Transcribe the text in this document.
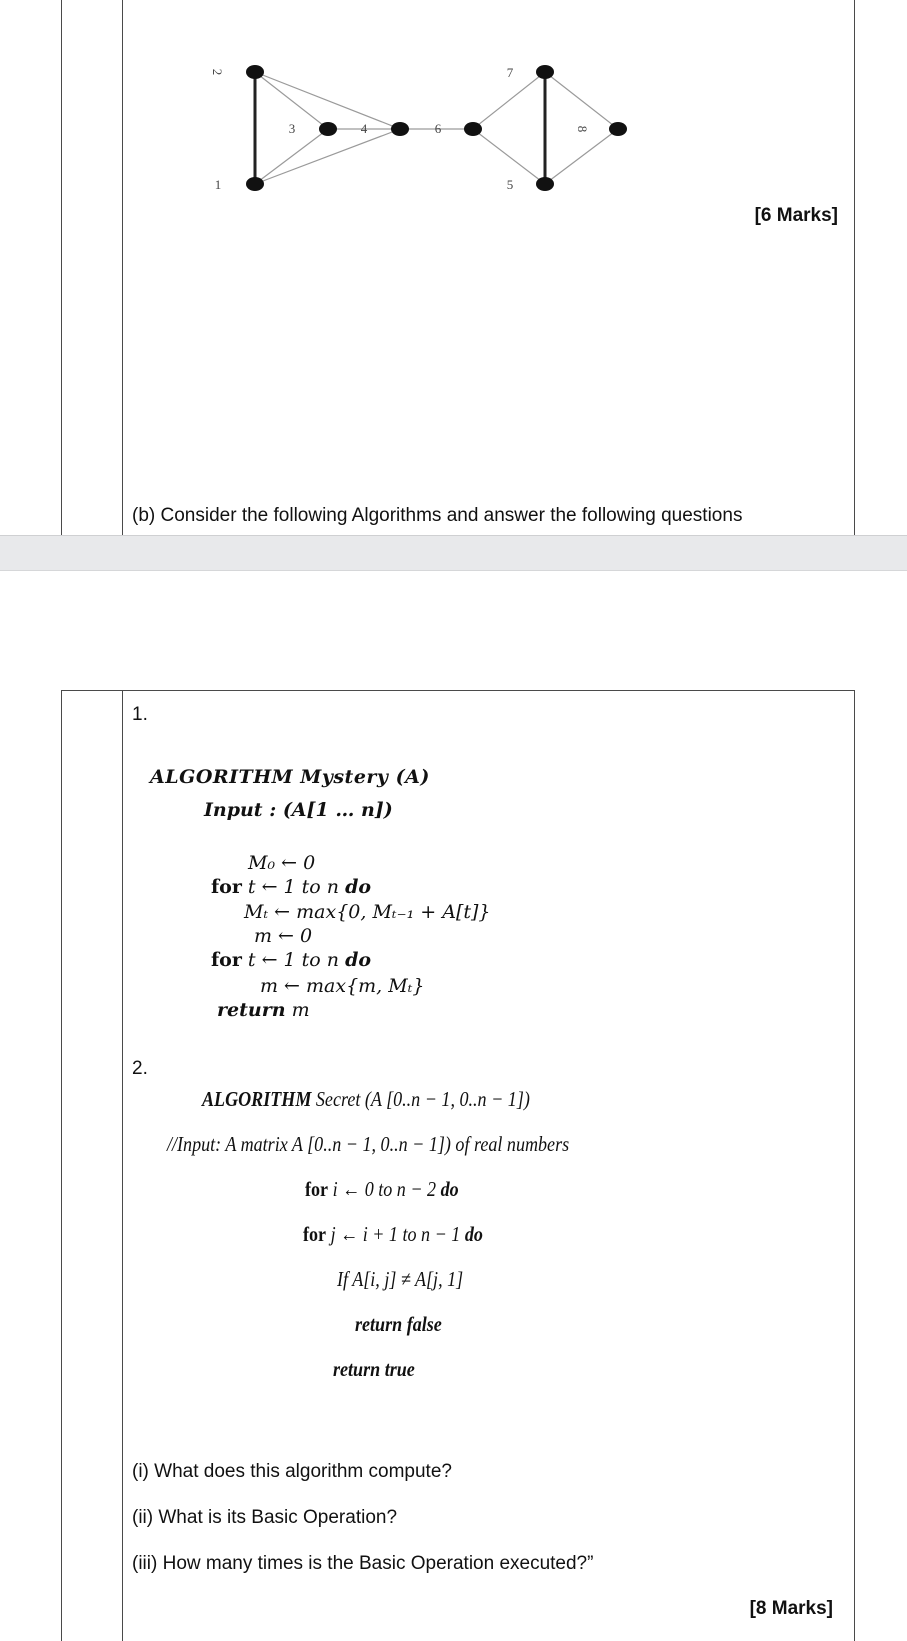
1
2
3	4
5
6
7
8
[6 Marks]
(b) Consider the following Algorithms and answer the following questions
1.
ALGORITHM Mystery (A)
Input : (A[1 … n])
M₀ ← 0
for t ← 1 to n do
Mₜ ← max{0, Mₜ₋₁ + A[t]}
m ← 0
for t ← 1 to n do
m ← max{m, Mₜ}
return m
2.
ALGORITHM Secret (A [0..n − 1, 0..n − 1])
//Input: A matrix A [0..n − 1, 0..n − 1]) of real numbers
for i ← 0 to n − 2 do
for j ← i + 1 to n − 1 do
If A[i, j] ≠ A[j, 1]
return false
return true
(i) What does this algorithm compute?
(ii) What is its Basic Operation?
(iii) How many times is the Basic Operation executed?”
[8 Marks]
